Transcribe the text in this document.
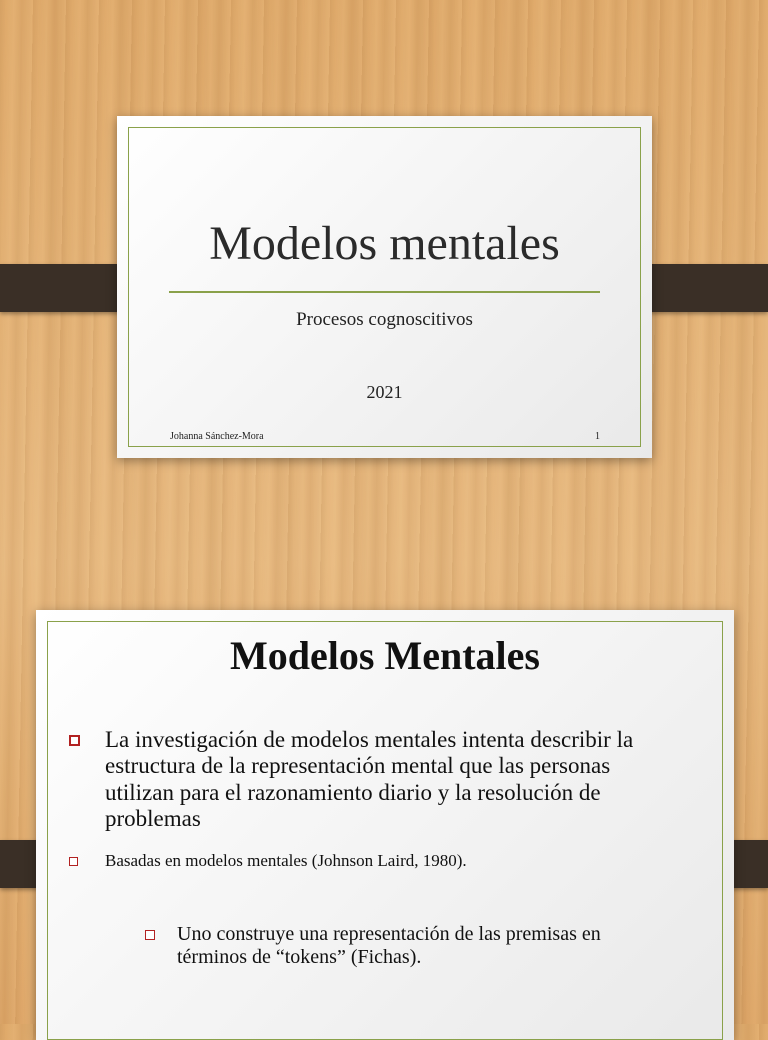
Modelos mentales
Procesos cognoscitivos
2021
Johanna Sánchez-Mora	1
Modelos Mentales
La investigación de modelos mentales intenta describir la estructura de la representación mental que las personas utilizan para el razonamiento diario y la resolución de problemas
Basadas en modelos mentales (Johnson Laird, 1980).
Uno construye una representación de las premisas en términos de “tokens” (Fichas).
